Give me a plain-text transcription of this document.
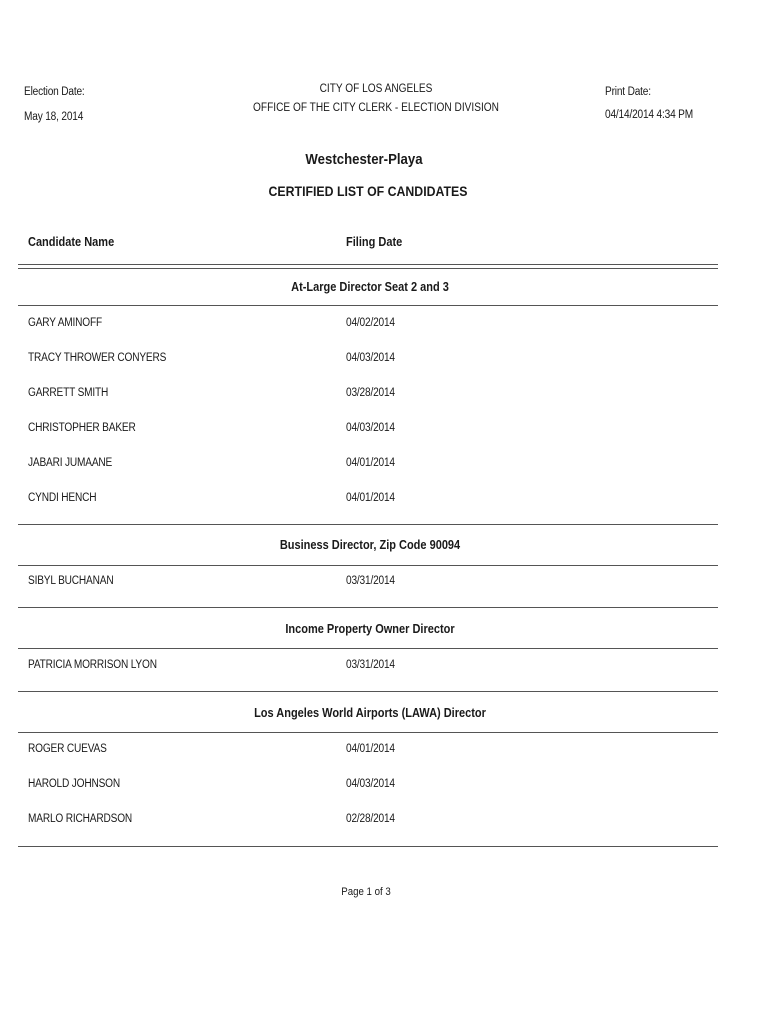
Election Date:
May 18, 2014
CITY OF LOS ANGELES
OFFICE OF THE CITY CLERK - ELECTION DIVISION
Print Date:
04/14/2014 4:34 PM
Westchester-Playa
CERTIFIED LIST OF CANDIDATES
Candidate Name	Filing Date
At-Large Director Seat 2 and 3
GARY AMINOFF	04/02/2014
TRACY THROWER CONYERS	04/03/2014
GARRETT SMITH	03/28/2014
CHRISTOPHER BAKER	04/03/2014
JABARI JUMAANE	04/01/2014
CYNDI HENCH	04/01/2014
Business Director, Zip Code 90094
SIBYL BUCHANAN	03/31/2014
Income Property Owner Director
PATRICIA MORRISON LYON	03/31/2014
Los Angeles World Airports (LAWA) Director
ROGER CUEVAS	04/01/2014
HAROLD JOHNSON	04/03/2014
MARLO RICHARDSON	02/28/2014
Page 1 of 3
